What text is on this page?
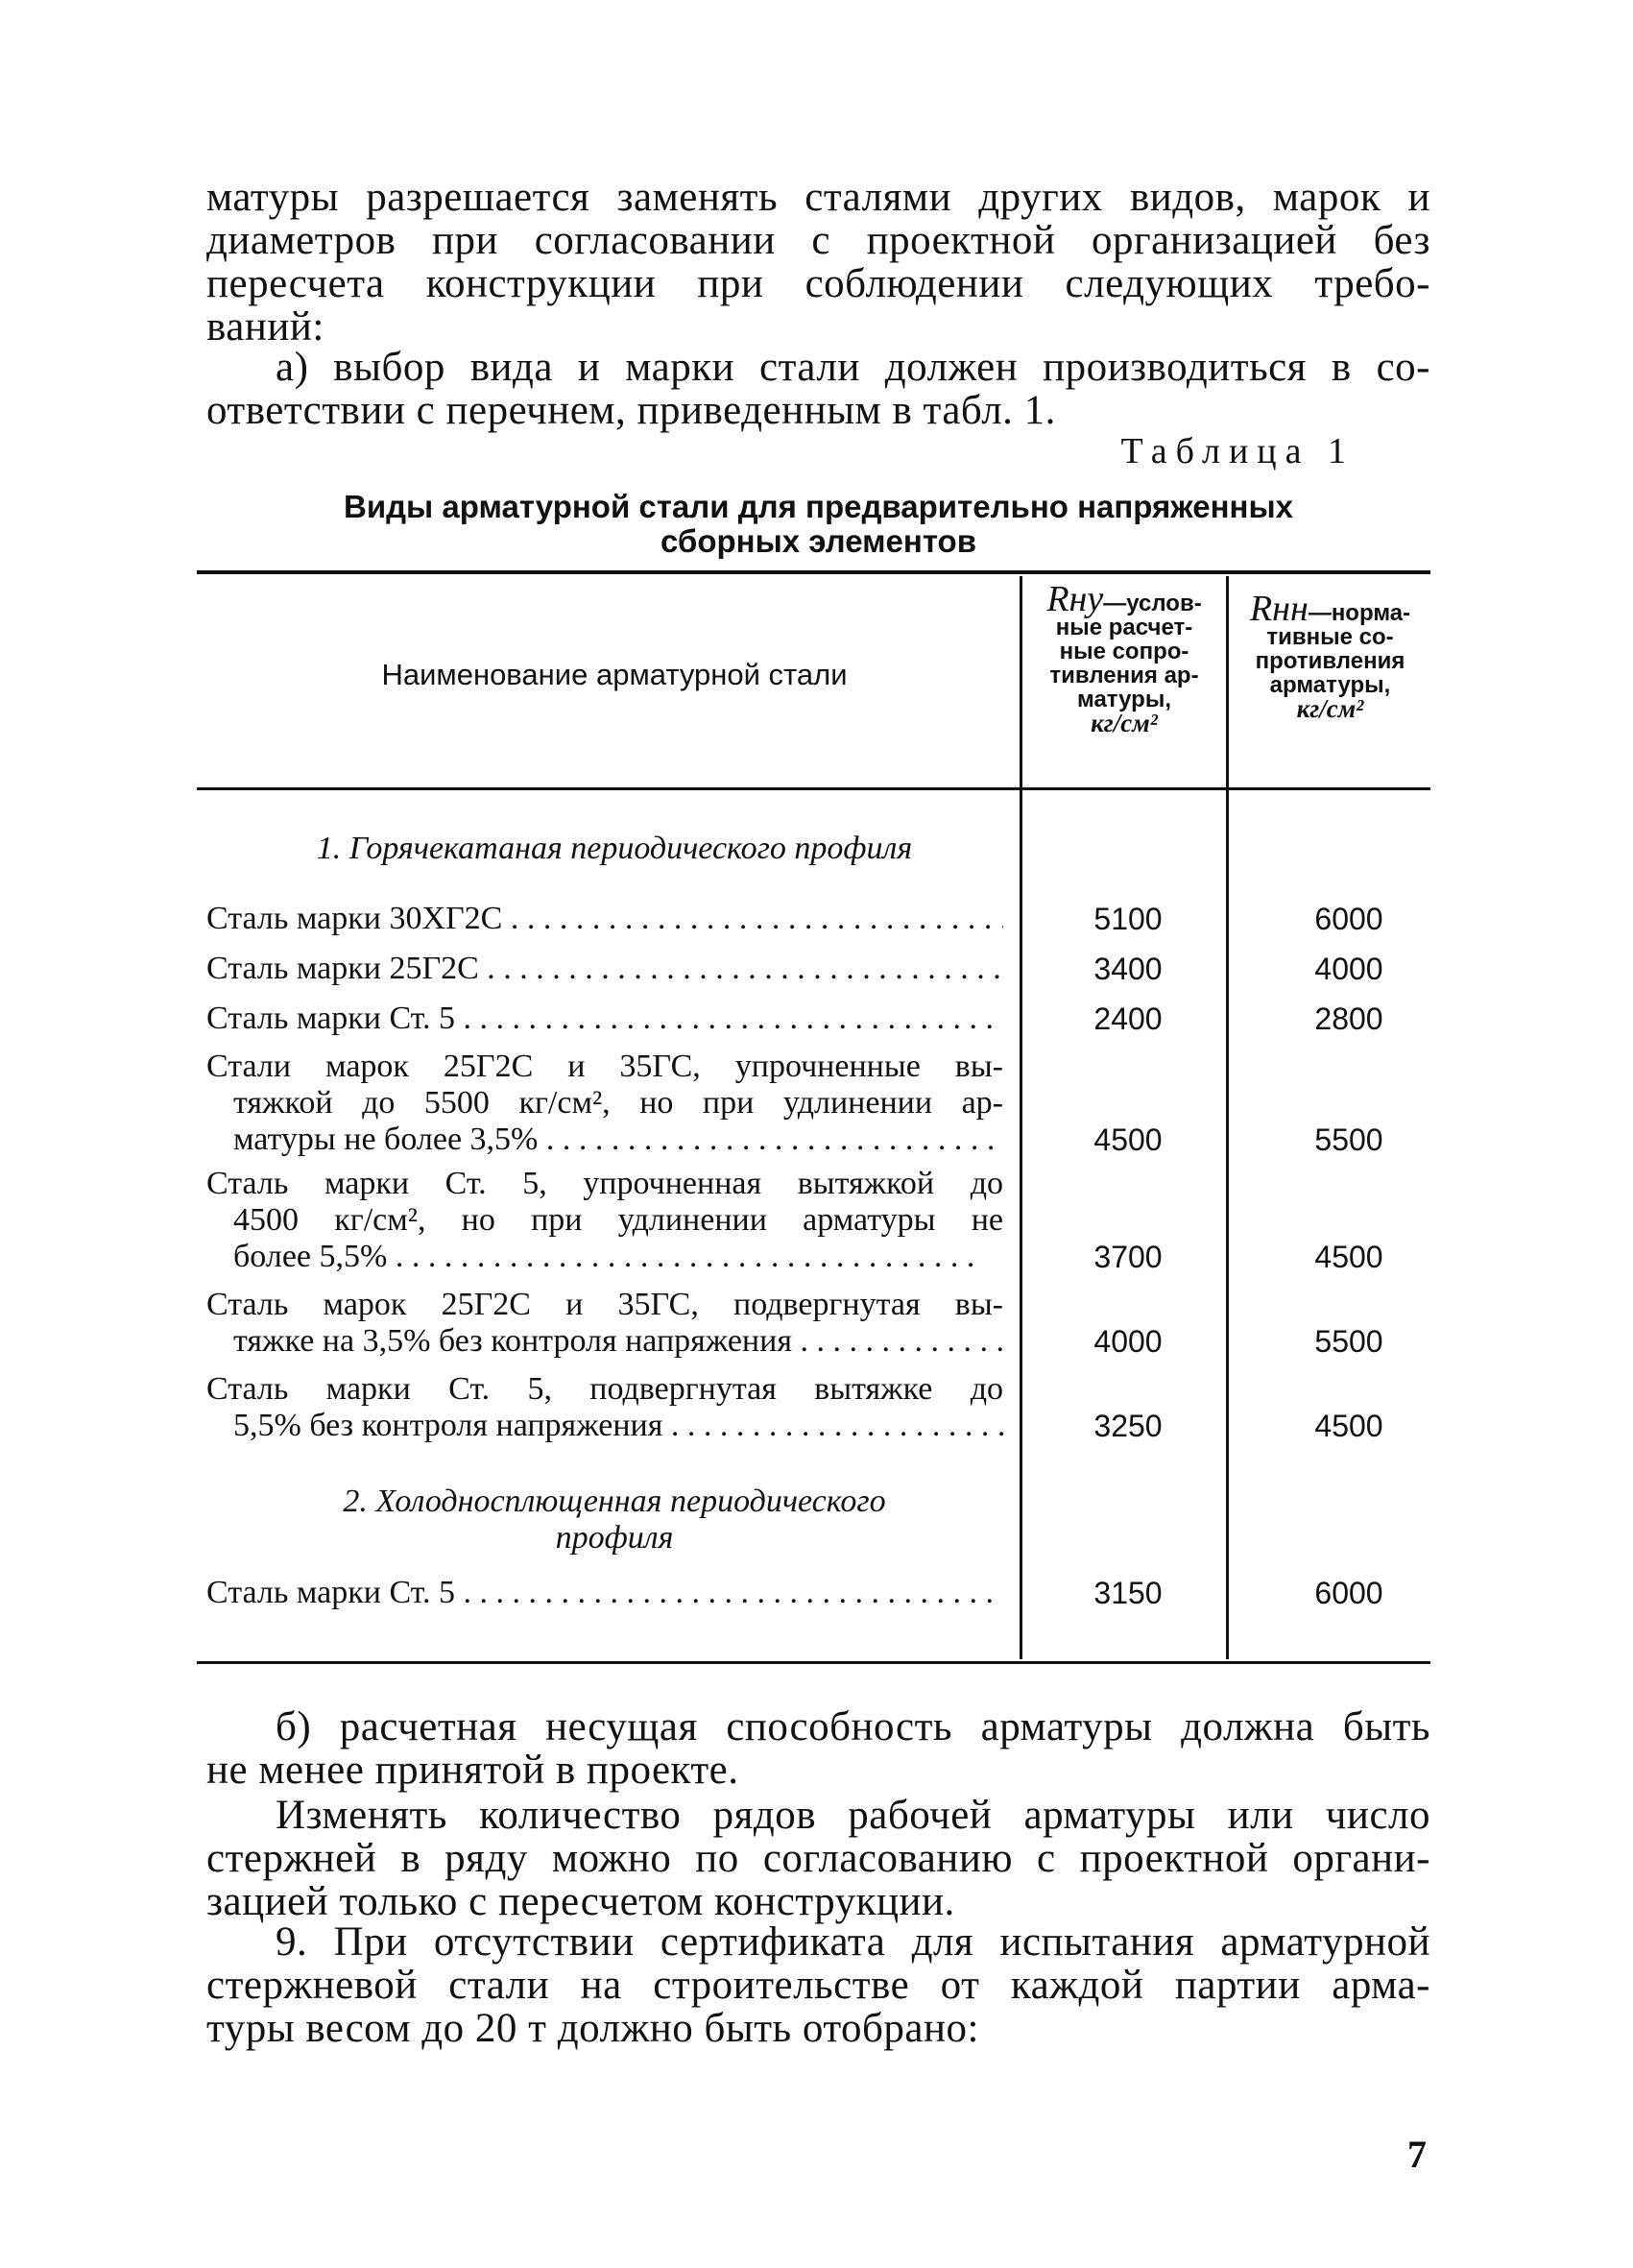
матуры разрешается заменять сталями других видов, марок и
диаметров при согласовании с проектной организацией без
пересчета конструкции при соблюдении следующих требо-
ваний:

а) выбор вида и марки стали должен производиться в со-
ответствии с перечнем, приведенным в табл. 1.

Таблица 1
Виды арматурной стали для предварительно напряженных
сборных элементов
Наименование арматурной стали
Rну—услов-
ные расчет-
ные сопро-
тивления ар-
матуры,
кг/см²
Rнн—норма-
тивные со-
противления
арматуры,
кг/см²
1. Горячекатаная периодического профиля
Сталь марки 30ХГ2С . . .	5100	6000
Сталь марки 25Г2С . . .	3400	4000
Сталь марки Ст. 5 . . .	2400	2800
Стали марок 25Г2С и 35ГС, упрочненные вы-
тяжкой до 5500 кг/см², но при удлинении ар-
матуры не более 3,5% . . .	4500	5500
Сталь марки Ст. 5, упрочненная вытяжкой до
4500 кг/см², но при удлинении арматуры не
более 5,5% . . .	3700	4500
Сталь марок 25Г2С и 35ГС, подвергнутая вы-
тяжке на 3,5% без контроля напряжения . . .	4000	5500
Сталь марки Ст. 5, подвергнутая вытяжке до
5,5% без контроля напряжения . . .	3250	4500
2. Холодносплющенная периодического
профиля
Сталь марки Ст. 5 . . .	3150	6000

б) расчетная несущая способность арматуры должна быть
не менее принятой в проекте.

Изменять количество рядов рабочей арматуры или число
стержней в ряду можно по согласованию с проектной органи-
зацией только с пересчетом конструкции.

9. При отсутствии сертификата для испытания арматурной
стержневой стали на строительстве от каждой партии арма-
туры весом до 20 т должно быть отобрано:

7
